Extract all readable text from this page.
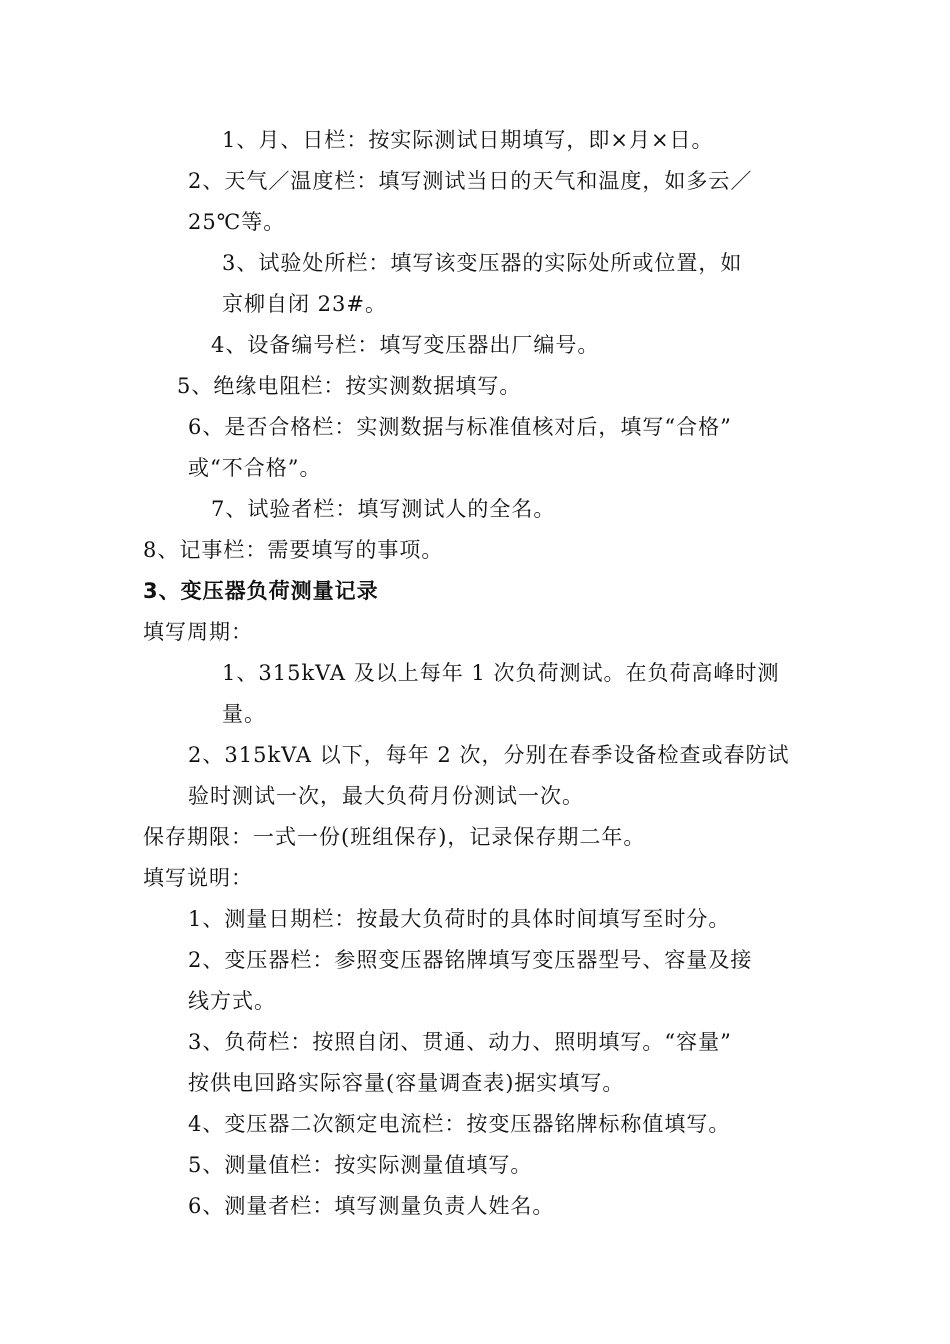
1、月、日栏：按实际测试日期填写，即×月×日。
2、天气／温度栏：填写测试当日的天气和温度，如多云／
25℃等。
3、试验处所栏：填写该变压器的实际处所或位置，如
京柳自闭 23#。
4、设备编号栏：填写变压器出厂编号。
5、绝缘电阻栏：按实测数据填写。
6、是否合格栏：实测数据与标准值核对后，填写“合格”
或“不合格”。
7、试验者栏：填写测试人的全名。
8、记事栏：需要填写的事项。
3、变压器负荷测量记录
填写周期：
1、315kVA 及以上每年 1 次负荷测试。在负荷高峰时测
量。
2、315kVA 以下，每年 2 次，分别在春季设备检查或春防试
验时测试一次，最大负荷月份测试一次。
保存期限：一式一份(班组保存)，记录保存期二年。
填写说明：
1、测量日期栏：按最大负荷时的具体时间填写至时分。
2、变压器栏：参照变压器铭牌填写变压器型号、容量及接
线方式。
3、负荷栏：按照自闭、贯通、动力、照明填写。“容量”
按供电回路实际容量(容量调查表)据实填写。
4、变压器二次额定电流栏：按变压器铭牌标称值填写。
5、测量值栏：按实际测量值填写。
6、测量者栏：填写测量负责人姓名。
